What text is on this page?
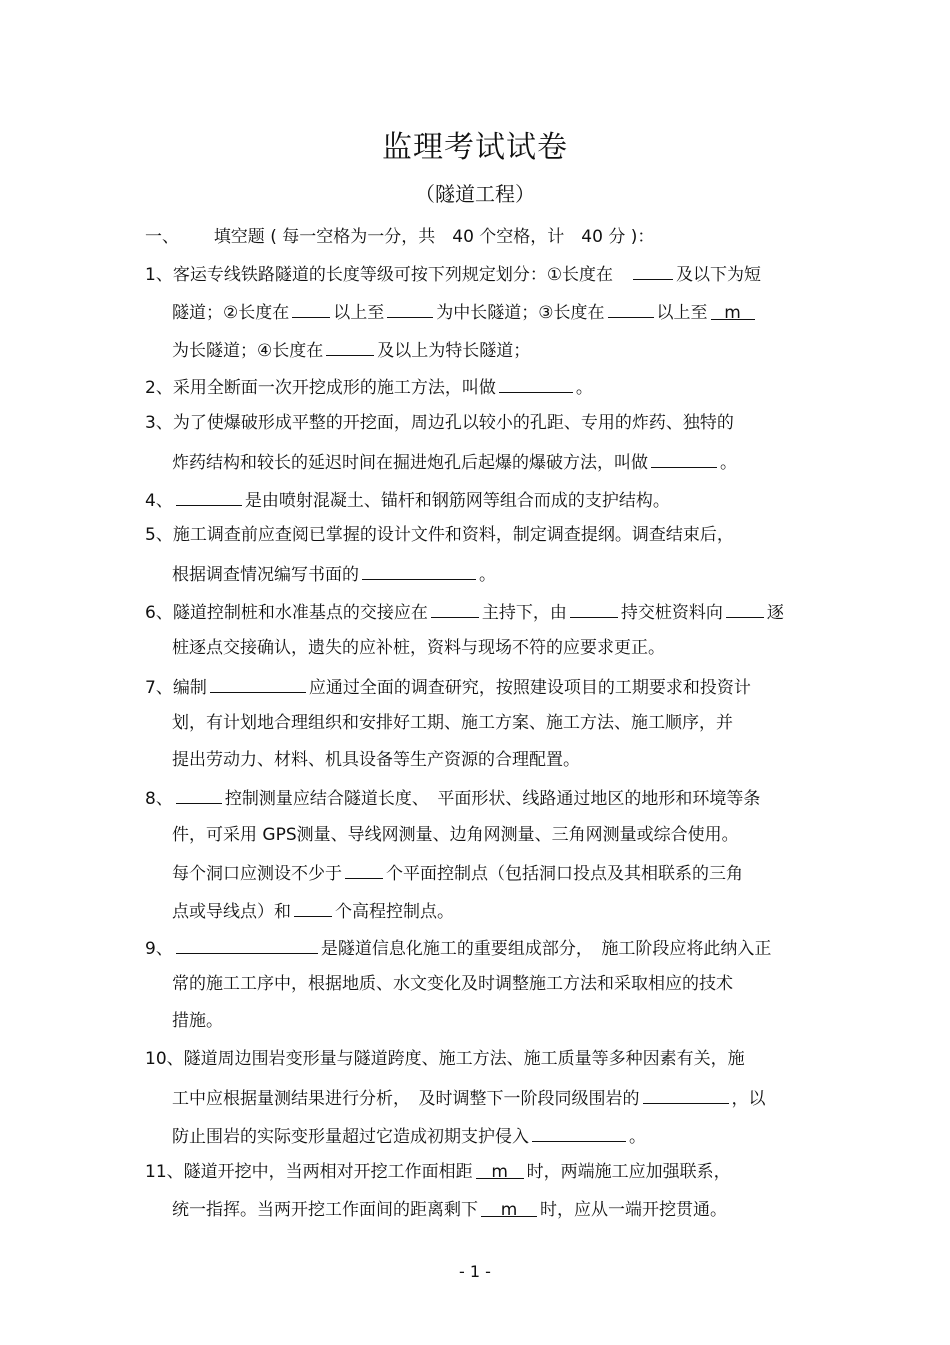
监理考试试卷
（隧道工程）
一、 填空题 ( 每一空格为一分，共　40 个空格，计　40 分 )：
1、客运专线铁路隧道的长度等级可按下列规定划分：①长度在　	及以下为短
隧道；②长度在	以上至	为中长隧道；③长度在	以上至 m
为长隧道；④长度在	及以上为特长隧道；
2、采用全断面一次开挖成形的施工方法，叫做	。
3、为了使爆破形成平整的开挖面，周边孔以较小的孔距、专用的炸药、独特的
炸药结构和较长的延迟时间在掘进炮孔后起爆的爆破方法，叫做	。
4、	是由喷射混凝土、锚杆和钢筋网等组合而成的支护结构。
5、施工调查前应查阅已掌握的设计文件和资料，制定调查提纲。调查结束后，
根据调查情况编写书面的	。
6、隧道控制桩和水准基点的交接应在	主持下，由	持交桩资料向	逐
桩逐点交接确认，遗失的应补桩，资料与现场不符的应要求更正。
7、编制	应通过全面的调查研究，按照建设项目的工期要求和投资计
划，有计划地合理组织和安排好工期、施工方案、施工方法、施工顺序，并
提出劳动力、材料、机具设备等生产资源的合理配置。
8、	控制测量应结合隧道长度、　平面形状、线路通过地区的地形和环境等条
件，可采用 GPS测量、导线网测量、边角网测量、三角网测量或综合使用。
每个洞口应测设不少于	个平面控制点（包括洞口投点及其相联系的三角
点或导线点）和	个高程控制点。
9、	是隧道信息化施工的重要组成部分，　施工阶段应将此纳入正
常的施工工序中，根据地质、水文变化及时调整施工方法和采取相应的技术
措施。
10、隧道周边围岩变形量与隧道跨度、施工方法、施工质量等多种因素有关，施
工中应根据量测结果进行分析，　及时调整下一阶段同级围岩的	，以
防止围岩的实际变形量超过它造成初期支护侵入	。
11、隧道开挖中，当两相对开挖工作面相距 m 时，两端施工应加强联系，
统一指挥。当两开挖工作面间的距离剩下 m 时，应从一端开挖贯通。
- 1 -
